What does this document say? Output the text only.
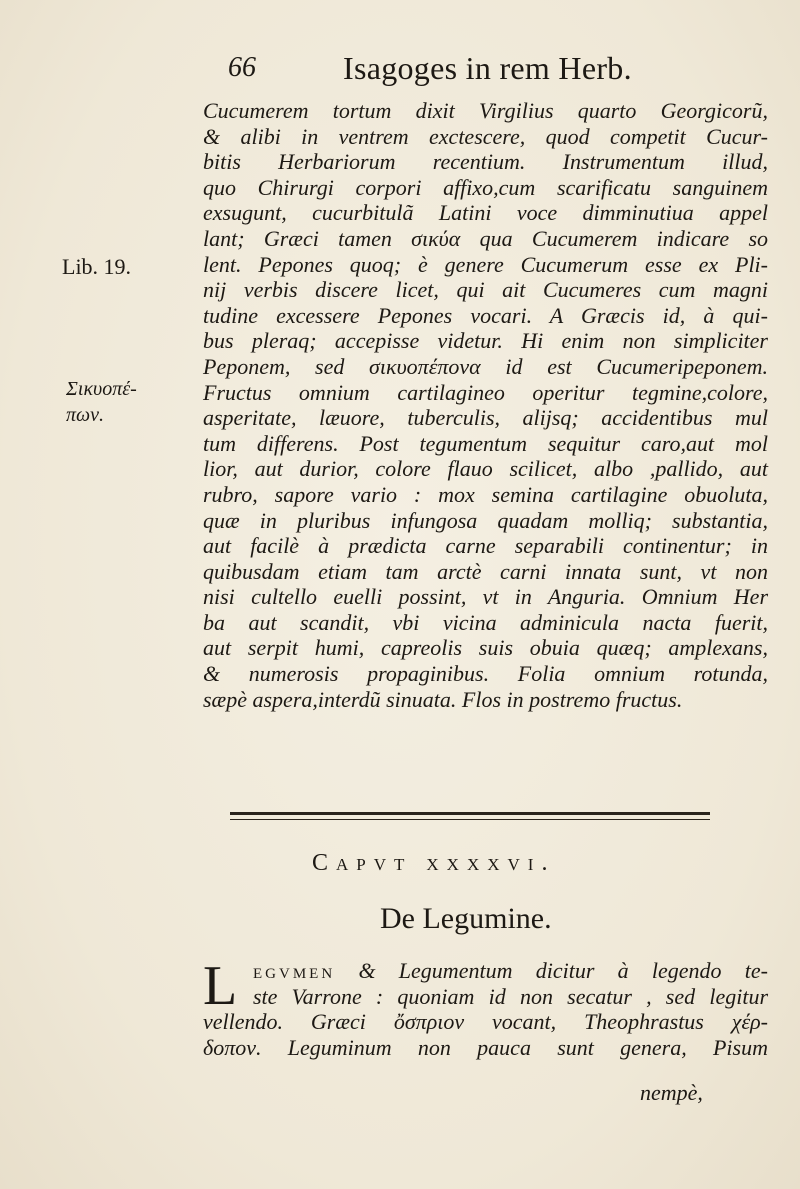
66	Isagoges in rem Herb.
Lib. 19.
Σικυοπέ-
πων.
Cucumerem tortum dixit Virgilius quarto Georgicorũ,
& alibi in ventrem exctescere, quod competit Cucur-
bitis Herbariorum recentium. Instrumentum illud,
quo Chirurgi corpori affixo,cum scarificatu sanguinem
exsugunt, cucurbitulã Latini voce dimminutiua appel
lant; Græci tamen σικύα qua Cucumerem indicare so
lent. Pepones quoq; è genere Cucumerum esse ex Pli-
nij verbis discere licet, qui ait Cucumeres cum magni
tudine excessere Pepones vocari. A Græcis id, à qui-
bus pleraq; accepisse videtur. Hi enim non simpliciter
Peponem, sed σικυοπέπονα id est Cucumeripeponem.
Fructus omnium cartilagineo operitur tegmine,colore,
asperitate, læuore, tuberculis, alijsq; accidentibus mul
tum differens. Post tegumentum sequitur caro,aut mol
lior, aut durior, colore flauo scilicet, albo ,pallido, aut
rubro, sapore vario : mox semina cartilagine obuoluta,
quæ in pluribus infungosa quadam molliq; substantia,
aut facilè à prædicta carne separabili continentur; in
quibusdam etiam tam arctè carni innata sunt, vt non
nisi cultello euelli possint, vt in Anguria. Omnium Her
ba aut scandit, vbi vicina adminicula nacta fuerit,
aut serpit humi, capreolis suis obuia quæq; amplexans,
& numerosis propaginibus. Folia omnium rotunda,
sæpè aspera,interdũ sinuata. Flos in postremo fructus.
Capvt xxxxvi.
De Legumine.
L egvmen & Legumentum dicitur à legendo te-
ste Varrone : quoniam id non secatur , sed legitur
vellendo. Græci ὄσπριον vocant, Theophrastus χέρ-
δοπον. Leguminum non pauca sunt genera, Pisum
nempè,
